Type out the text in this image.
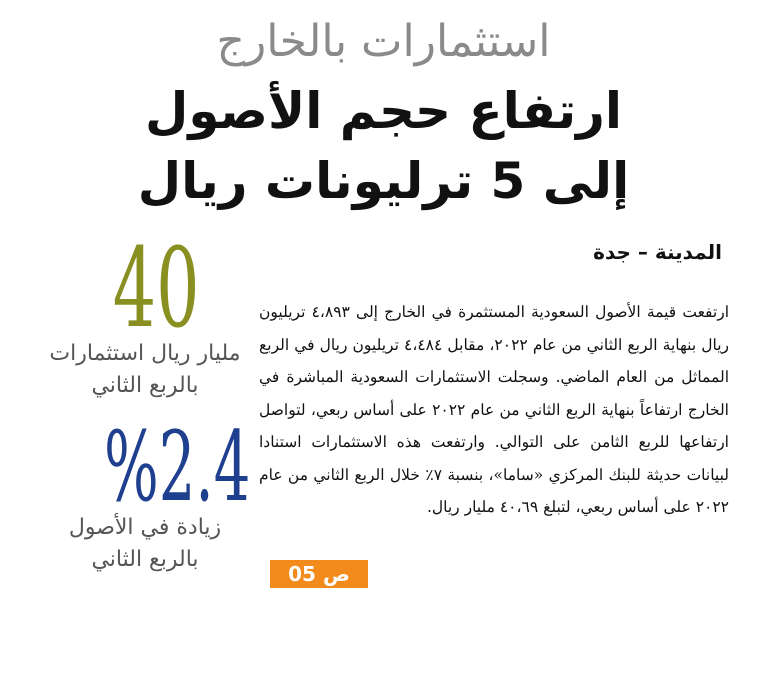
استثمارات بالخارج
ارتفاع حجم الأصول
إلى 5 ترليونات ريال
المدينة – جدة
ارتفعت قيمة الأصول السعودية المستثمرة في الخارج إلى ٤،٨٩٣ تريليون ريال بنهاية الربع الثاني من عام ٢٠٢٢، مقابل ٤،٤٨٤ تريليون ريال في الربع المماثل من العام الماضي. وسجلت الاستثمارات السعودية المباشرة في الخارج ارتفاعاً بنهاية الربع الثاني من عام ٢٠٢٢ على أساس ربعي، لتواصل ارتفاعها للربع الثامن على التوالي. وارتفعت هذه الاستثمارات استنادا لبيانات حديثة للبنك المركزي «ساما»، بنسبة ٧٪ خلال الربع الثاني من عام ٢٠٢٢ على أساس ربعي، لتبلغ ٤٠،٦٩ مليار ريال.
ص 05
40
مليار ريال استثمارات
بالربع الثاني
%2.4
زيادة في الأصول
بالربع الثاني
